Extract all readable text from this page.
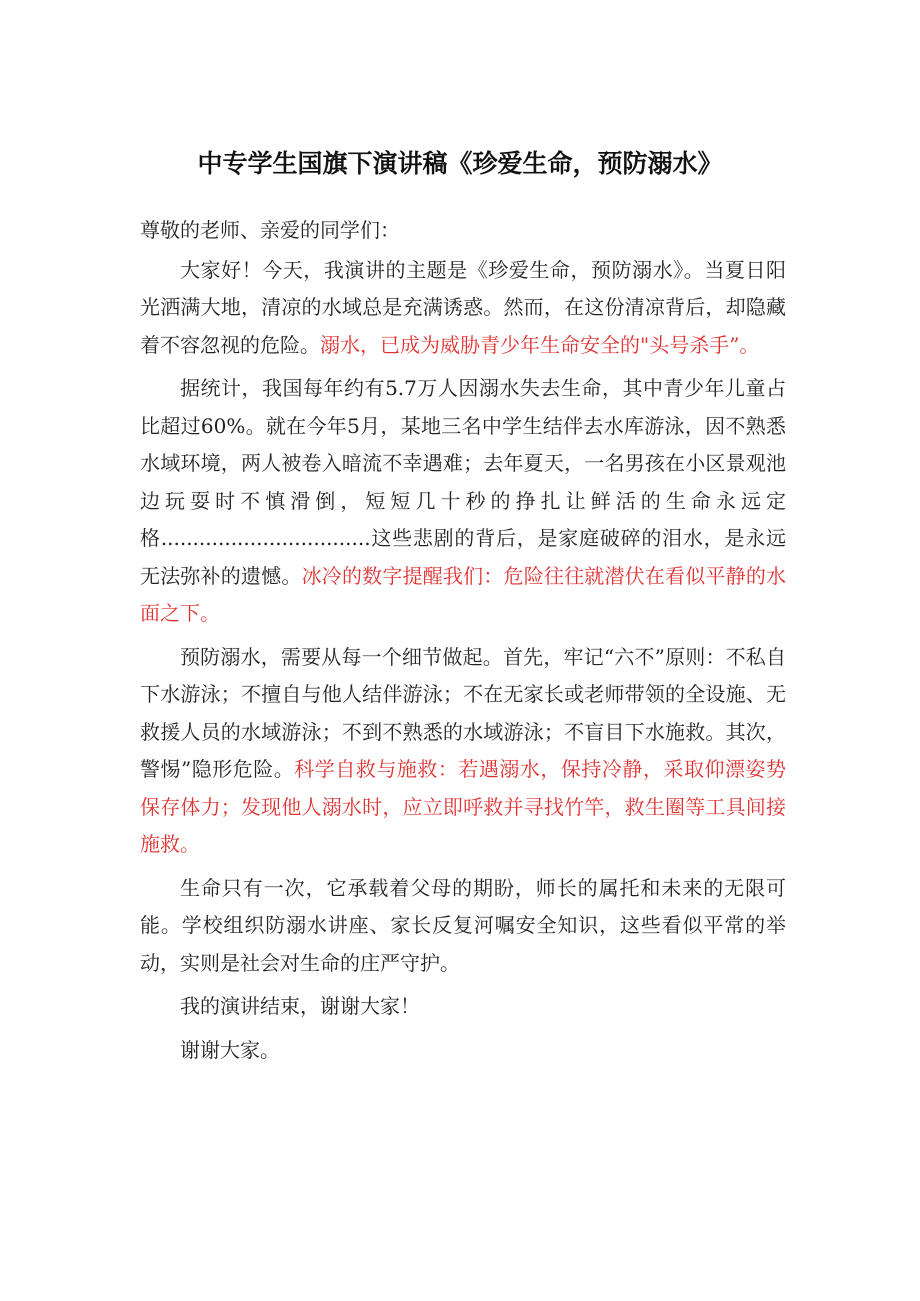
中专学生国旗下演讲稿《珍爱生命，预防溺水》

尊敬的老师、亲爱的同学们：

大家好！今天，我演讲的主题是《珍爱生命，预防溺水》。当夏日阳光洒满大地，清凉的水域总是充满诱惑。然而，在这份清凉背后，却隐藏着不容忽视的危险。溺水，已成为威胁青少年生命安全的"头号杀手”。

据统计，我国每年约有5.7万人因溺水失去生命，其中青少年儿童占比超过60%。就在今年5月，某地三名中学生结伴去水库游泳，因不熟悉水域环境，两人被卷入暗流不幸遇难；去年夏天，一名男孩在小区景观池边玩耍时不慎滑倒，短短几十秒的挣扎让鲜活的生命永远定格.................................这些悲剧的背后，是家庭破碎的泪水，是永远无法弥补的遗憾。冰冷的数字提醒我们：危险往往就潜伏在看似平静的水面之下。

预防溺水，需要从每一个细节做起。首先，牢记“六不”原则：不私自下水游泳；不擅自与他人结伴游泳；不在无家长或老师带领的全设施、无救援人员的水域游泳；不到不熟悉的水域游泳；不盲目下水施救。其次，警惕”隐形危险。科学自救与施救：若遇溺水，保持冷静，采取仰漂姿势保存体力；发现他人溺水时，应立即呼救并寻找竹竿，救生圈等工具间接施救。

生命只有一次，它承载着父母的期盼，师长的属托和未来的无限可能。学校组织防溺水讲座、家长反复河嘱安全知识，这些看似平常的举动，实则是社会对生命的庄严守护。

我的演讲结束，谢谢大家！

谢谢大家。
